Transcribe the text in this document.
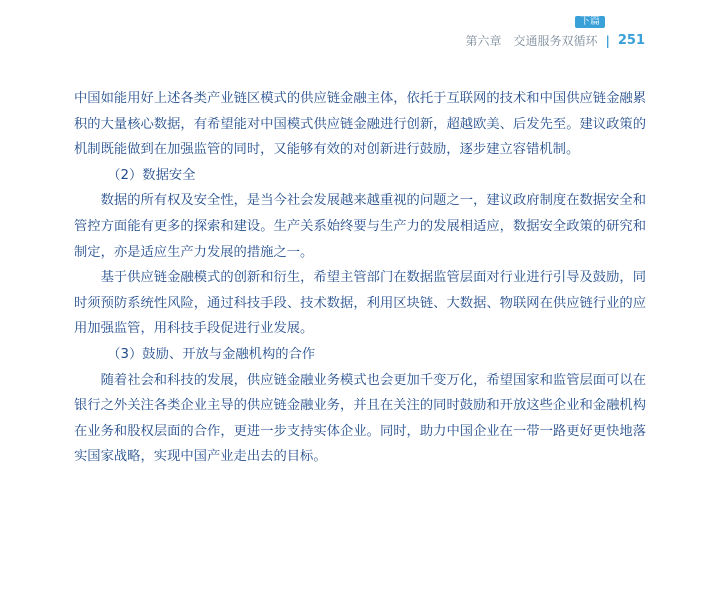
下篇
第六章　交通服务双循环 | 251

中国如能用好上述各类产业链区模式的供应链金融主体，依托于互联网的技术和中国供应链金融累积的大量核心数据，有希望能对中国模式供应链金融进行创新，超越欧美、后发先至。建议政策的机制既能做到在加强监管的同时，又能够有效的对创新进行鼓励，逐步建立容错机制。

（2）数据安全

数据的所有权及安全性，是当今社会发展越来越重视的问题之一，建议政府制度在数据安全和管控方面能有更多的探索和建设。生产关系始终要与生产力的发展相适应，数据安全政策的研究和制定，亦是适应生产力发展的措施之一。

基于供应链金融模式的创新和衍生，希望主管部门在数据监管层面对行业进行引导及鼓励，同时须预防系统性风险，通过科技手段、技术数据，利用区块链、大数据、物联网在供应链行业的应用加强监管，用科技手段促进行业发展。

（3）鼓励、开放与金融机构的合作

随着社会和科技的发展，供应链金融业务模式也会更加千变万化，希望国家和监管层面可以在银行之外关注各类企业主导的供应链金融业务，并且在关注的同时鼓励和开放这些企业和金融机构在业务和股权层面的合作，更进一步支持实体企业。同时，助力中国企业在一带一路更好更快地落实国家战略，实现中国产业走出去的目标。
